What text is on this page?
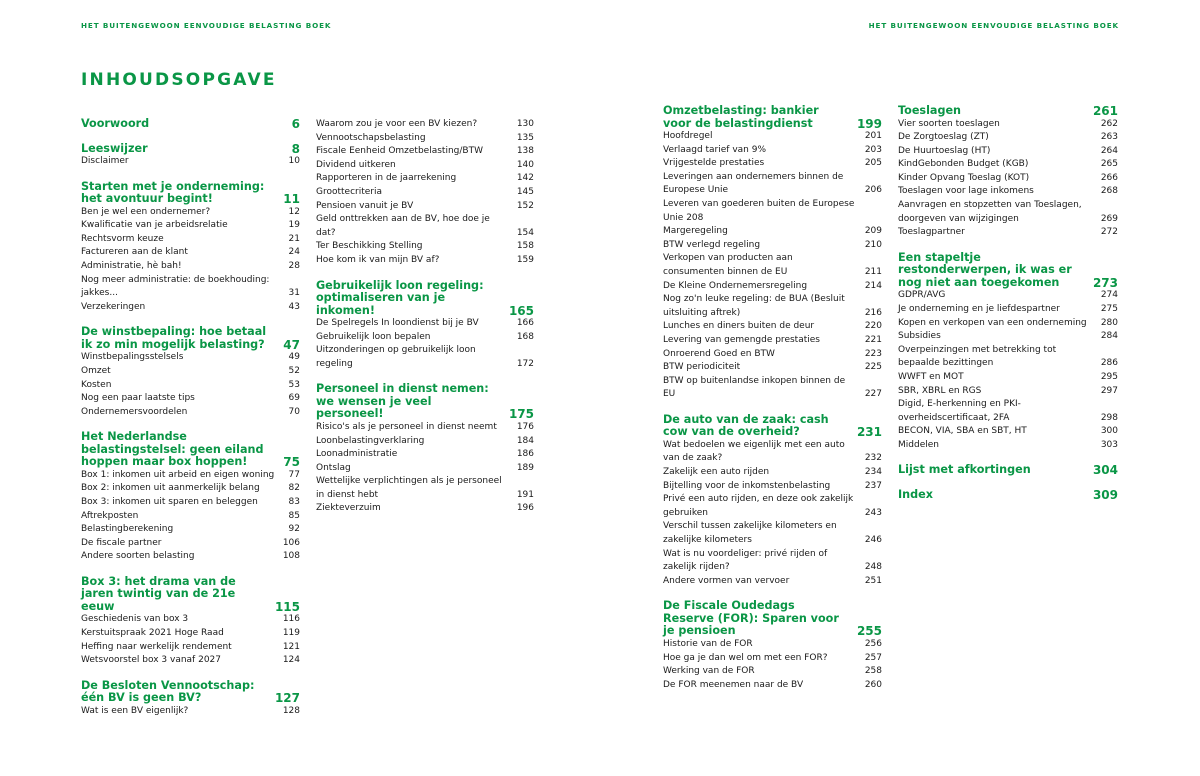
HET BUITENGEWOON EENVOUDIGE BELASTING BOEK	HET BUITENGEWOON EENVOUDIGE BELASTING BOEK
INHOUDSOPGAVE
Voorwoord	6
Leeswijzer	8
Disclaimer	10
Starten met je onderneming: het avontuur begint!	11
Ben je wel een ondernemer?	12
Kwalificatie van je arbeidsrelatie	19
Rechtsvorm keuze	21
Factureren aan de klant	24
Administratie, hè bah!	28
Nog meer administratie: de boekhouding: jakkes...	31
Verzekeringen	43
De winstbepaling: hoe betaal ik zo min mogelijk belasting?	47
Winstbepalingsstelsels	49
Omzet	52
Kosten	53
Nog een paar laatste tips	69
Ondernemersvoordelen	70
Het Nederlandse belastingstelsel: geen eiland hoppen maar box hoppen!	75
Box 1: inkomen uit arbeid en eigen woning	77
Box 2: inkomen uit aanmerkelijk belang	82
Box 3: inkomen uit sparen en beleggen	83
Aftrekposten	85
Belastingberekening	92
De fiscale partner	106
Andere soorten belasting	108
Box 3: het drama van de jaren twintig van de 21e eeuw	115
Geschiedenis van box 3	116
Kerstuitspraak 2021 Hoge Raad	119
Heffing naar werkelijk rendement	121
Wetsvoorstel box 3 vanaf 2027	124
De Besloten Vennootschap: één BV is geen BV?	127
Wat is een BV eigenlijk?	128
Waarom zou je voor een BV kiezen?	130
Vennootschapsbelasting	135
Fiscale Eenheid Omzetbelasting/BTW	138
Dividend uitkeren	140
Rapporteren in de jaarrekening	142
Groottecriteria	145
Pensioen vanuit je BV	152
Geld onttrekken aan de BV, hoe doe je dat?	154
Ter Beschikking Stelling	158
Hoe kom ik van mijn BV af?	159
Gebruikelijk loon regeling: optimaliseren van je inkomen!	165
De Spelregels In loondienst bij je BV	166
Gebruikelijk loon bepalen	168
Uitzonderingen op gebruikelijk loon regeling	172
Personeel in dienst nemen: we wensen je veel personeel!	175
Risico's als je personeel in dienst neemt	176
Loonbelastingverklaring	184
Loonadministratie	186
Ontslag	189
Wettelijke verplichtingen als je personeel in dienst hebt	191
Ziekteverzuim	196
Omzetbelasting: bankier voor de belastingdienst	199
Hoofdregel	201
Verlaagd tarief van 9%	203
Vrijgestelde prestaties	205
Leveringen aan ondernemers binnen de Europese Unie	206
Leveren van goederen buiten de Europese Unie 208
Margeregeling	209
BTW verlegd regeling	210
Verkopen van producten aan consumenten binnen de EU	211
De Kleine Ondernemersregeling	214
Nog zo'n leuke regeling: de BUA (Besluit uitsluiting aftrek)	216
Lunches en diners buiten de deur	220
Levering van gemengde prestaties	221
Onroerend Goed en BTW	223
BTW periodiciteit	225
BTW op buitenlandse inkopen binnen de EU	227
De auto van de zaak: cash cow van de overheid?	231
Wat bedoelen we eigenlijk met een auto van de zaak?	232
Zakelijk een auto rijden	234
Bijtelling voor de inkomstenbelasting	237
Privé een auto rijden, en deze ook zakelijk gebruiken	243
Verschil tussen zakelijke kilometers en zakelijke kilometers	246
Wat is nu voordeliger: privé rijden of zakelijk rijden?	248
Andere vormen van vervoer	251
De Fiscale Oudedags Reserve (FOR): Sparen voor je pensioen	255
Historie van de FOR	256
Hoe ga je dan wel om met een FOR?	257
Werking van de FOR	258
De FOR meenemen naar de BV	260
Toeslagen	261
Vier soorten toeslagen	262
De Zorgtoeslag (ZT)	263
De Huurtoeslag (HT)	264
KindGebonden Budget (KGB)	265
Kinder Opvang Toeslag (KOT)	266
Toeslagen voor lage inkomens	268
Aanvragen en stopzetten van Toeslagen, doorgeven van wijzigingen	269
Toeslagpartner	272
Een stapeltje restonderwerpen, ik was er nog niet aan toegekomen	273
GDPR/AVG	274
Je onderneming en je liefdespartner	275
Kopen en verkopen van een onderneming	280
Subsidies	284
Overpeinzingen met betrekking tot bepaalde bezittingen	286
WWFT en MOT	295
SBR, XBRL en RGS	297
Digid, E-herkenning en PKI-overheidscertificaat, 2FA	298
BECON, VIA, SBA en SBT, HT	300
Middelen	303
Lijst met afkortingen	304
Index	309
